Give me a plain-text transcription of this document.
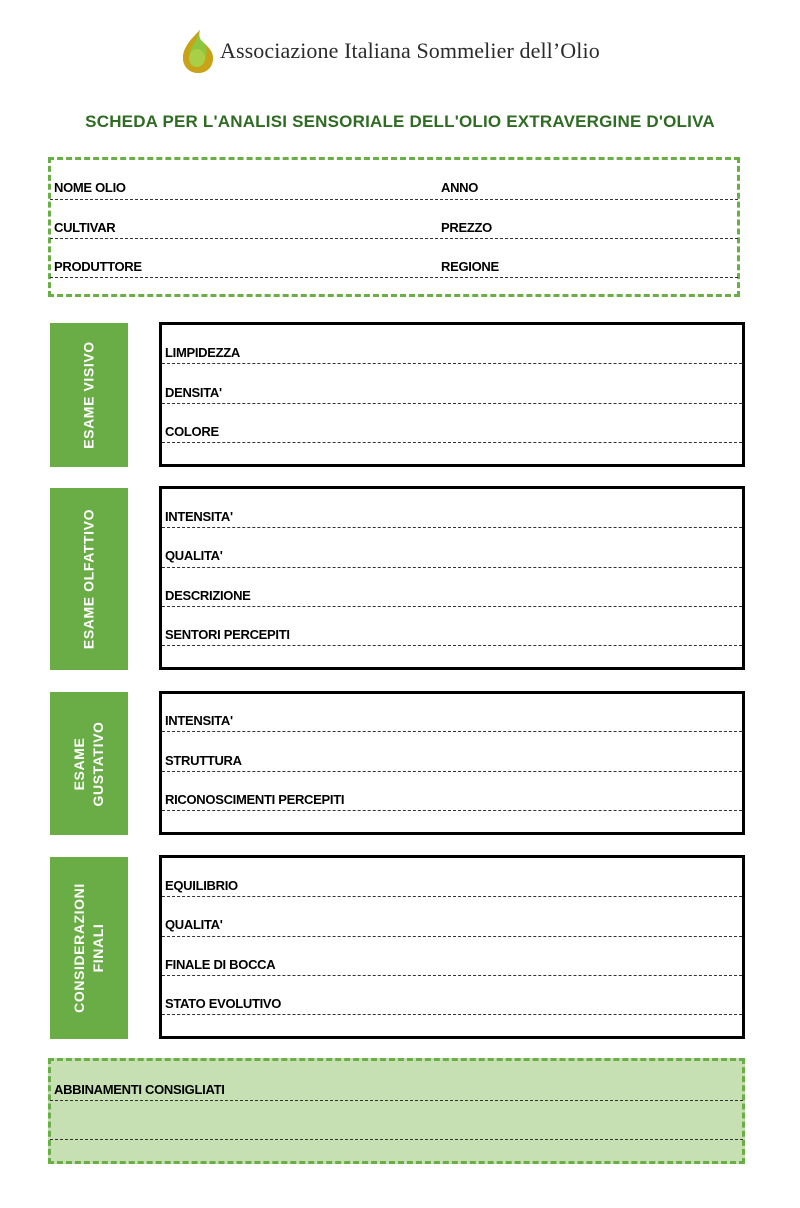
Associazione Italiana Sommelier dell’Olio
SCHEDA PER L'ANALISI SENSORIALE DELL'OLIO EXTRAVERGINE D'OLIVA
NOME OLIO	ANNO
CULTIVAR	PREZZO
PRODUTTORE	REGIONE
ESAME VISIVO	LIMPIDEZZA
DENSITA'
COLORE
ESAME OLFATTIVO	INTENSITA'
QUALITA'
DESCRIZIONE
SENTORI PERCEPITI
ESAME GUSTATIVO
INTENSITA'
STRUTTURA
RICONOSCIMENTI PERCEPITI
CONSIDERAZIONI FINALI
EQUILIBRIO
QUALITA'
FINALE DI BOCCA
STATO EVOLUTIVO
ABBINAMENTI CONSIGLIATI
